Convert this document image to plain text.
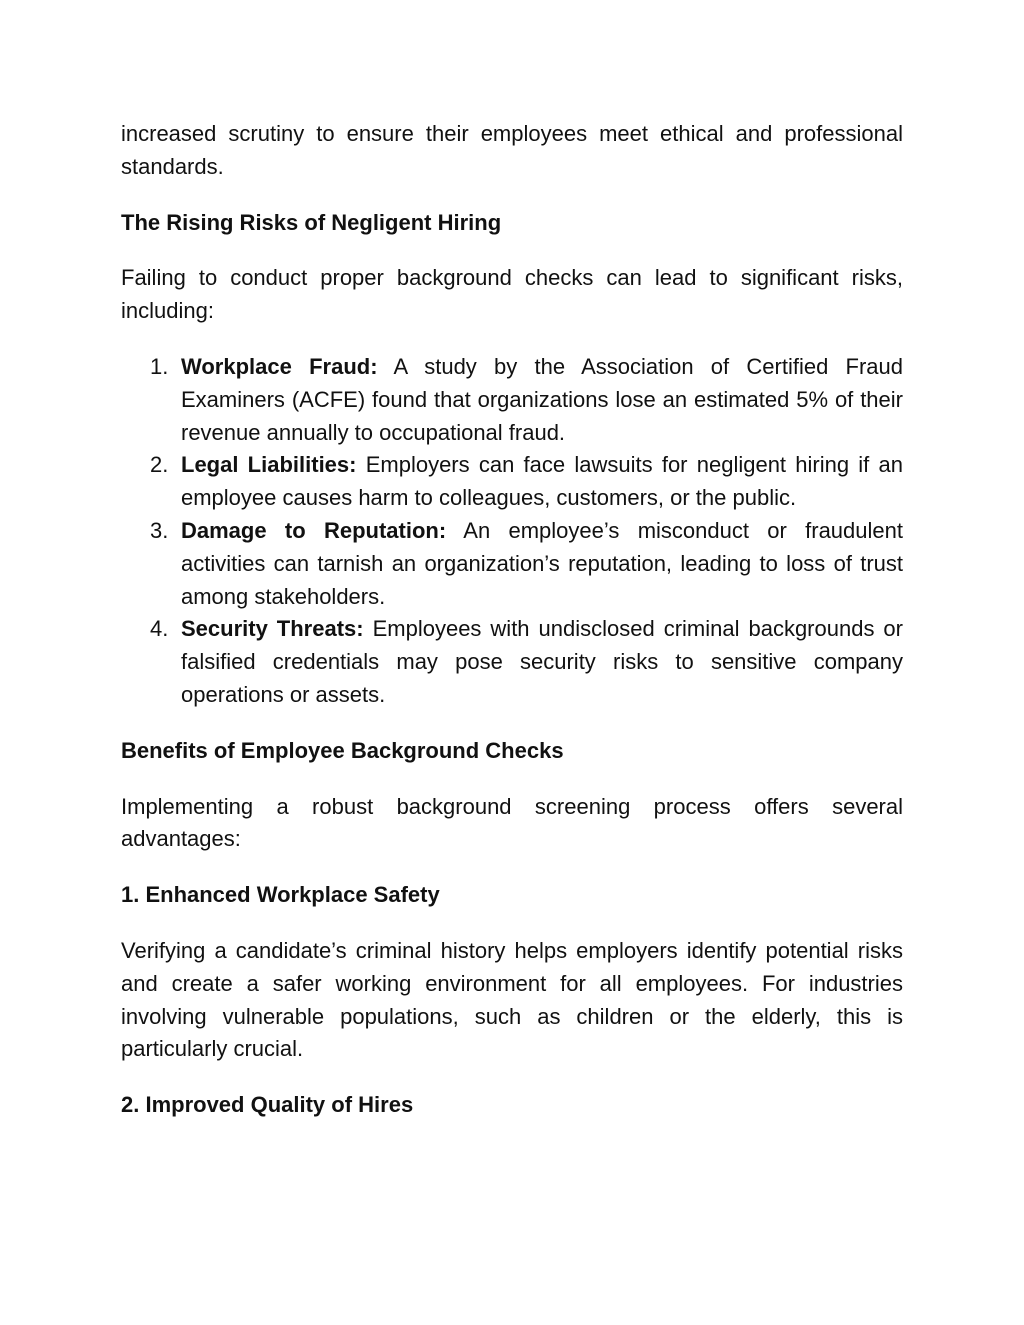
increased scrutiny to ensure their employees meet ethical and professional standards.

The Rising Risks of Negligent Hiring

Failing to conduct proper background checks can lead to significant risks, including:

1. Workplace Fraud: A study by the Association of Certified Fraud Examiners (ACFE) found that organizations lose an estimated 5% of their revenue annually to occupational fraud.
2. Legal Liabilities: Employers can face lawsuits for negligent hiring if an employee causes harm to colleagues, customers, or the public.
3. Damage to Reputation: An employee’s misconduct or fraudulent activities can tarnish an organization’s reputation, leading to loss of trust among stakeholders.
4. Security Threats: Employees with undisclosed criminal backgrounds or falsified credentials may pose security risks to sensitive company operations or assets.
Benefits of Employee Background Checks

Implementing a robust background screening process offers several advantages:

1. Enhanced Workplace Safety

Verifying a candidate’s criminal history helps employers identify potential risks and create a safer working environment for all employees. For industries involving vulnerable populations, such as children or the elderly, this is particularly crucial.

2. Improved Quality of Hires
